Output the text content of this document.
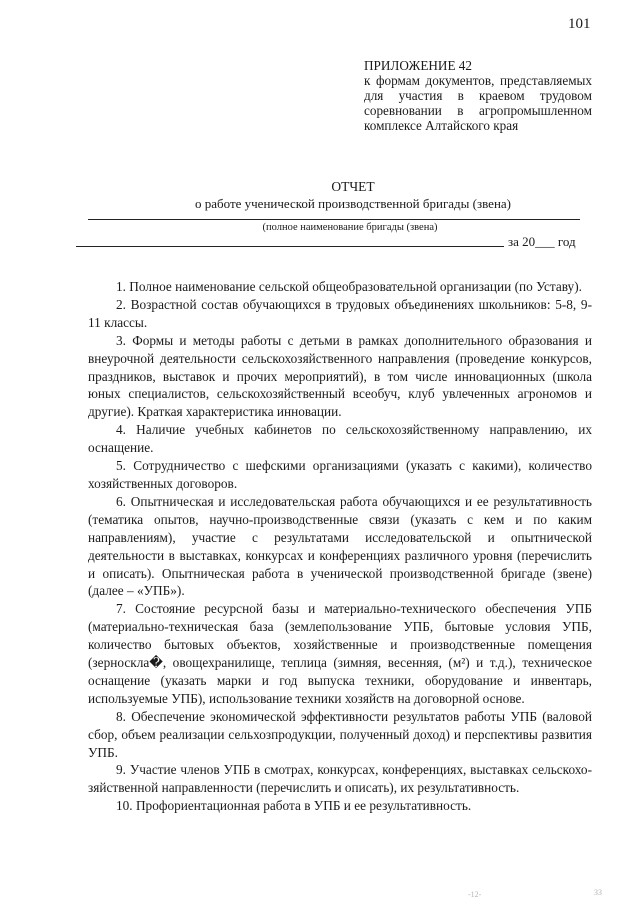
101
ПРИЛОЖЕНИЕ 42
к формам документов, представляемых для участия в краевом трудовом соревновании в агропромышленном комплексе Алтайского края
ОТЧЕТ
о работе ученической производственной бригады (звена)
(полное наименование бригады (звена)
за 20___ год

1. Полное наименование сельской общеобразовательной организации (по Уставу).

2. Возрастной состав обучающихся в трудовых объединениях школьников: 5-8, 9-11 классы.

3. Формы и методы работы с детьми в рамках дополнительного образования и внеурочной деятельности сельскохозяйственного направления (проведение конкурсов, праздников, выставок и прочих мероприятий), в том числе инновационных (школа юных специалистов, сельскохозяйственный всеобуч, клуб увлеченных агрономов и другие). Краткая характеристика инновации.

4. Наличие учебных кабинетов по сельскохозяйственному направлению, их оснащение.

5. Сотрудничество с шефскими организациями (указать с какими), количество хозяйственных договоров.

6. Опытническая и исследовательская работа обучающихся и ее результативность (тематика опытов, научно-производственные связи (указать с кем и по каким направлениям), участие с результатами исследовательской и опытнической деятельности в выставках, конкурсах и конференциях различного уровня (перечислить и описать). Опытническая работа в ученической производственной бригаде (звене) (далее – «УПБ»).

7. Состояние ресурсной базы и материально-технического обеспечения УПБ (материально-техническая база (землепользование УПБ, бытовые условия УПБ, количество бытовых объектов, хозяйственные и производственные помещения (зерноскла�, овощехранилище, теплица (зимняя, весенняя, (м²) и т.д.), техническое оснащение (указать марки и год выпуска техники, оборудование и инвентарь, используемые УПБ), использование техники хозяйств на договорной основе.

8. Обеспечение экономической эффективности результатов работы УПБ (валовой сбор, объем реализации сельхозпродукции, полученный доход) и перспективы развития УПБ.

9. Участие членов УПБ в смотрах, конкурсах, конференциях, выставках сельскохо-зяйственной направленности (перечислить и описать), их результативность.

10. Профориентационная работа в УПБ и ее результативность.

-12-	ЗЗ
